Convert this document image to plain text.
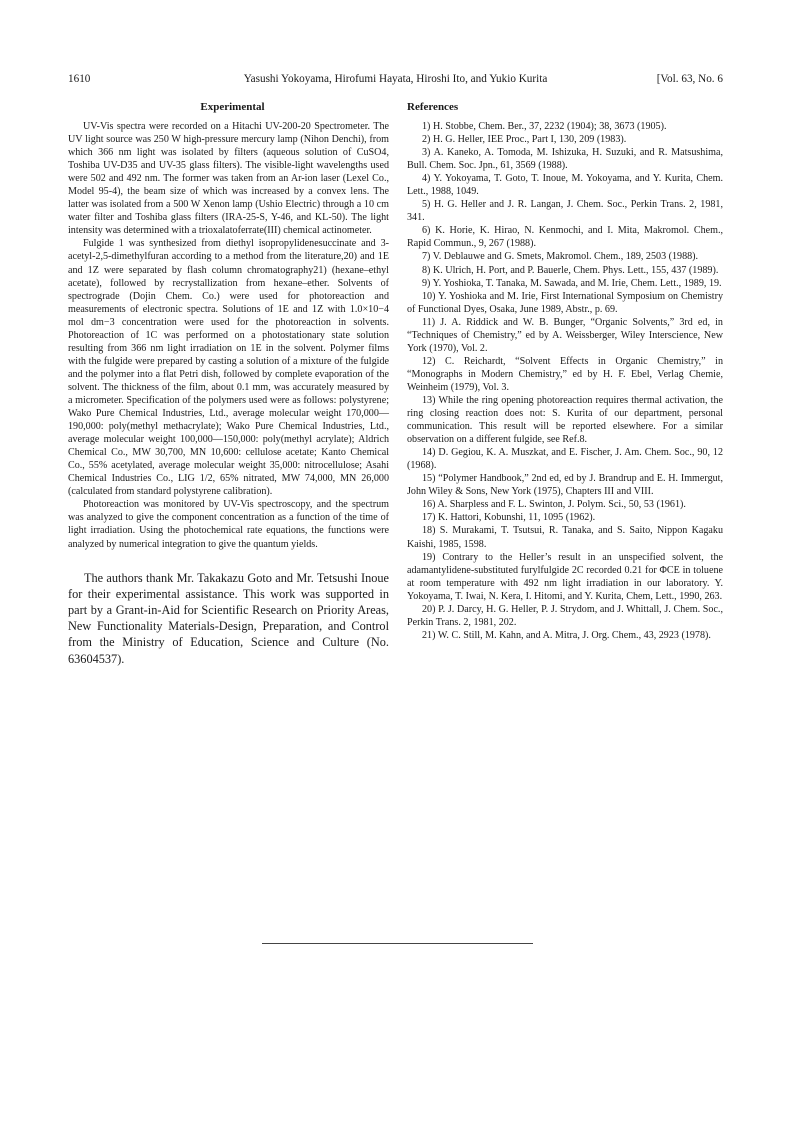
1610	Yasushi Yokoyama, Hirofumi Hayata, Hiroshi Ito, and Yukio Kurita	[Vol. 63, No. 6
Experimental

UV-Vis spectra were recorded on a Hitachi UV-200-20 Spectrometer. The UV light source was 250 W high-pressure mercury lamp (Nihon Denchi), from which 366 nm light was isolated by filters (aqueous solution of CuSO4, Toshiba UV-D35 and UV-35 glass filters). The visible-light wavelengths used were 502 and 492 nm. The former was taken from an Ar-ion laser (Lexel Co., Model 95-4), the beam size of which was increased by a convex lens. The latter was isolated from a 500 W Xenon lamp (Ushio Electric) through a 10 cm water filter and Toshiba glass filters (IRA-25-S, Y-46, and KL-50). The light intensity was determined with a trioxalatoferrate(III) chemical actinometer.

Fulgide 1 was synthesized from diethyl isopropylidenesuccinate and 3-acetyl-2,5-dimethylfuran according to a method from the literature,20) and 1E and 1Z were separated by flash column chromatography21) (hexane–ethyl acetate), followed by recrystallization from hexane–ether. Solvents of spectrograde (Dojin Chem. Co.) were used for photoreaction and measurements of electronic spectra. Solutions of 1E and 1Z with 1.0×10−4 mol dm−3 concentration were used for the photoreaction in solvents. Photoreaction of 1C was performed on a photostationary state solution resulting from 366 nm light irradiation on 1E in the solvent. Polymer films with the fulgide were prepared by casting a solution of a mixture of the fulgide and the polymer into a flat Petri dish, followed by complete evaporation of the solvent. The thickness of the film, about 0.1 mm, was accurately measured by a micrometer. Specification of the polymers used were as follows: polystyrene; Wako Pure Chemical Industries, Ltd., average molecular weight 170,000—190,000: poly(methyl methacrylate); Wako Pure Chemical Industries, Ltd., average molecular weight 100,000—150,000: poly(methyl acrylate); Aldrich Chemical Co., MW 30,700, MN 10,600: cellulose acetate; Kanto Chemical Co., 55% acetylated, average molecular weight 35,000: nitrocellulose; Asahi Chemical Industries Co., LIG 1/2, 65% nitrated, MW 74,000, MN 26,000 (calculated from standard polystyrene calibration).

Photoreaction was monitored by UV-Vis spectroscopy, and the spectrum was analyzed to give the component concentration as a function of the time of light irradiation. Using the photochemical rate equations, the functions were analyzed by numerical integration to give the quantum yields.

The authors thank Mr. Takakazu Goto and Mr. Tetsushi Inoue for their experimental assistance. This work was supported in part by a Grant-in-Aid for Scientific Research on Priority Areas, New Functionality Materials-Design, Preparation, and Control from the Ministry of Education, Science and Culture (No. 63604537).

References

1) H. Stobbe, Chem. Ber., 37, 2232 (1904); 38, 3673 (1905).

2) H. G. Heller, IEE Proc., Part I, 130, 209 (1983).

3) A. Kaneko, A. Tomoda, M. Ishizuka, H. Suzuki, and R. Matsushima, Bull. Chem. Soc. Jpn., 61, 3569 (1988).

4) Y. Yokoyama, T. Goto, T. Inoue, M. Yokoyama, and Y. Kurita, Chem. Lett., 1988, 1049.

5) H. G. Heller and J. R. Langan, J. Chem. Soc., Perkin Trans. 2, 1981, 341.

6) K. Horie, K. Hirao, N. Kenmochi, and I. Mita, Makromol. Chem., Rapid Commun., 9, 267 (1988).

7) V. Deblauwe and G. Smets, Makromol. Chem., 189, 2503 (1988).

8) K. Ulrich, H. Port, and P. Bauerle, Chem. Phys. Lett., 155, 437 (1989).

9) Y. Yoshioka, T. Tanaka, M. Sawada, and M. Irie, Chem. Lett., 1989, 19.

10) Y. Yoshioka and M. Irie, First International Symposium on Chemistry of Functional Dyes, Osaka, June 1989, Abstr., p. 69.

11) J. A. Riddick and W. B. Bunger, “Organic Solvents,” 3rd ed, in “Techniques of Chemistry,” ed by A. Weissberger, Wiley Interscience, New York (1970), Vol. 2.

12) C. Reichardt, “Solvent Effects in Organic Chemistry,” in “Monographs in Modern Chemistry,” ed by H. F. Ebel, Verlag Chemie, Weinheim (1979), Vol. 3.

13) While the ring opening photoreaction requires thermal activation, the ring closing reaction does not: S. Kurita of our department, personal communication. This result will be reported elsewhere. For a similar observation on a different fulgide, see Ref.8.

14) D. Gegiou, K. A. Muszkat, and E. Fischer, J. Am. Chem. Soc., 90, 12 (1968).

15) “Polymer Handbook,” 2nd ed, ed by J. Brandrup and E. H. Immergut, John Wiley & Sons, New York (1975), Chapters III and VIII.

16) A. Sharpless and F. L. Swinton, J. Polym. Sci., 50, 53 (1961).

17) K. Hattori, Kobunshi, 11, 1095 (1962).

18) S. Murakami, T. Tsutsui, R. Tanaka, and S. Saito, Nippon Kagaku Kaishi, 1985, 1598.

19) Contrary to the Heller’s result in an unspecified solvent, the adamantylidene-substituted furylfulgide 2C recorded 0.21 for ΦCE in toluene at room temperature with 492 nm light irradiation in our laboratory. Y. Yokoyama, T. Iwai, N. Kera, I. Hitomi, and Y. Kurita, Chem, Lett., 1990, 263.

20) P. J. Darcy, H. G. Heller, P. J. Strydom, and J. Whittall, J. Chem. Soc., Perkin Trans. 2, 1981, 202.

21) W. C. Still, M. Kahn, and A. Mitra, J. Org. Chem., 43, 2923 (1978).
